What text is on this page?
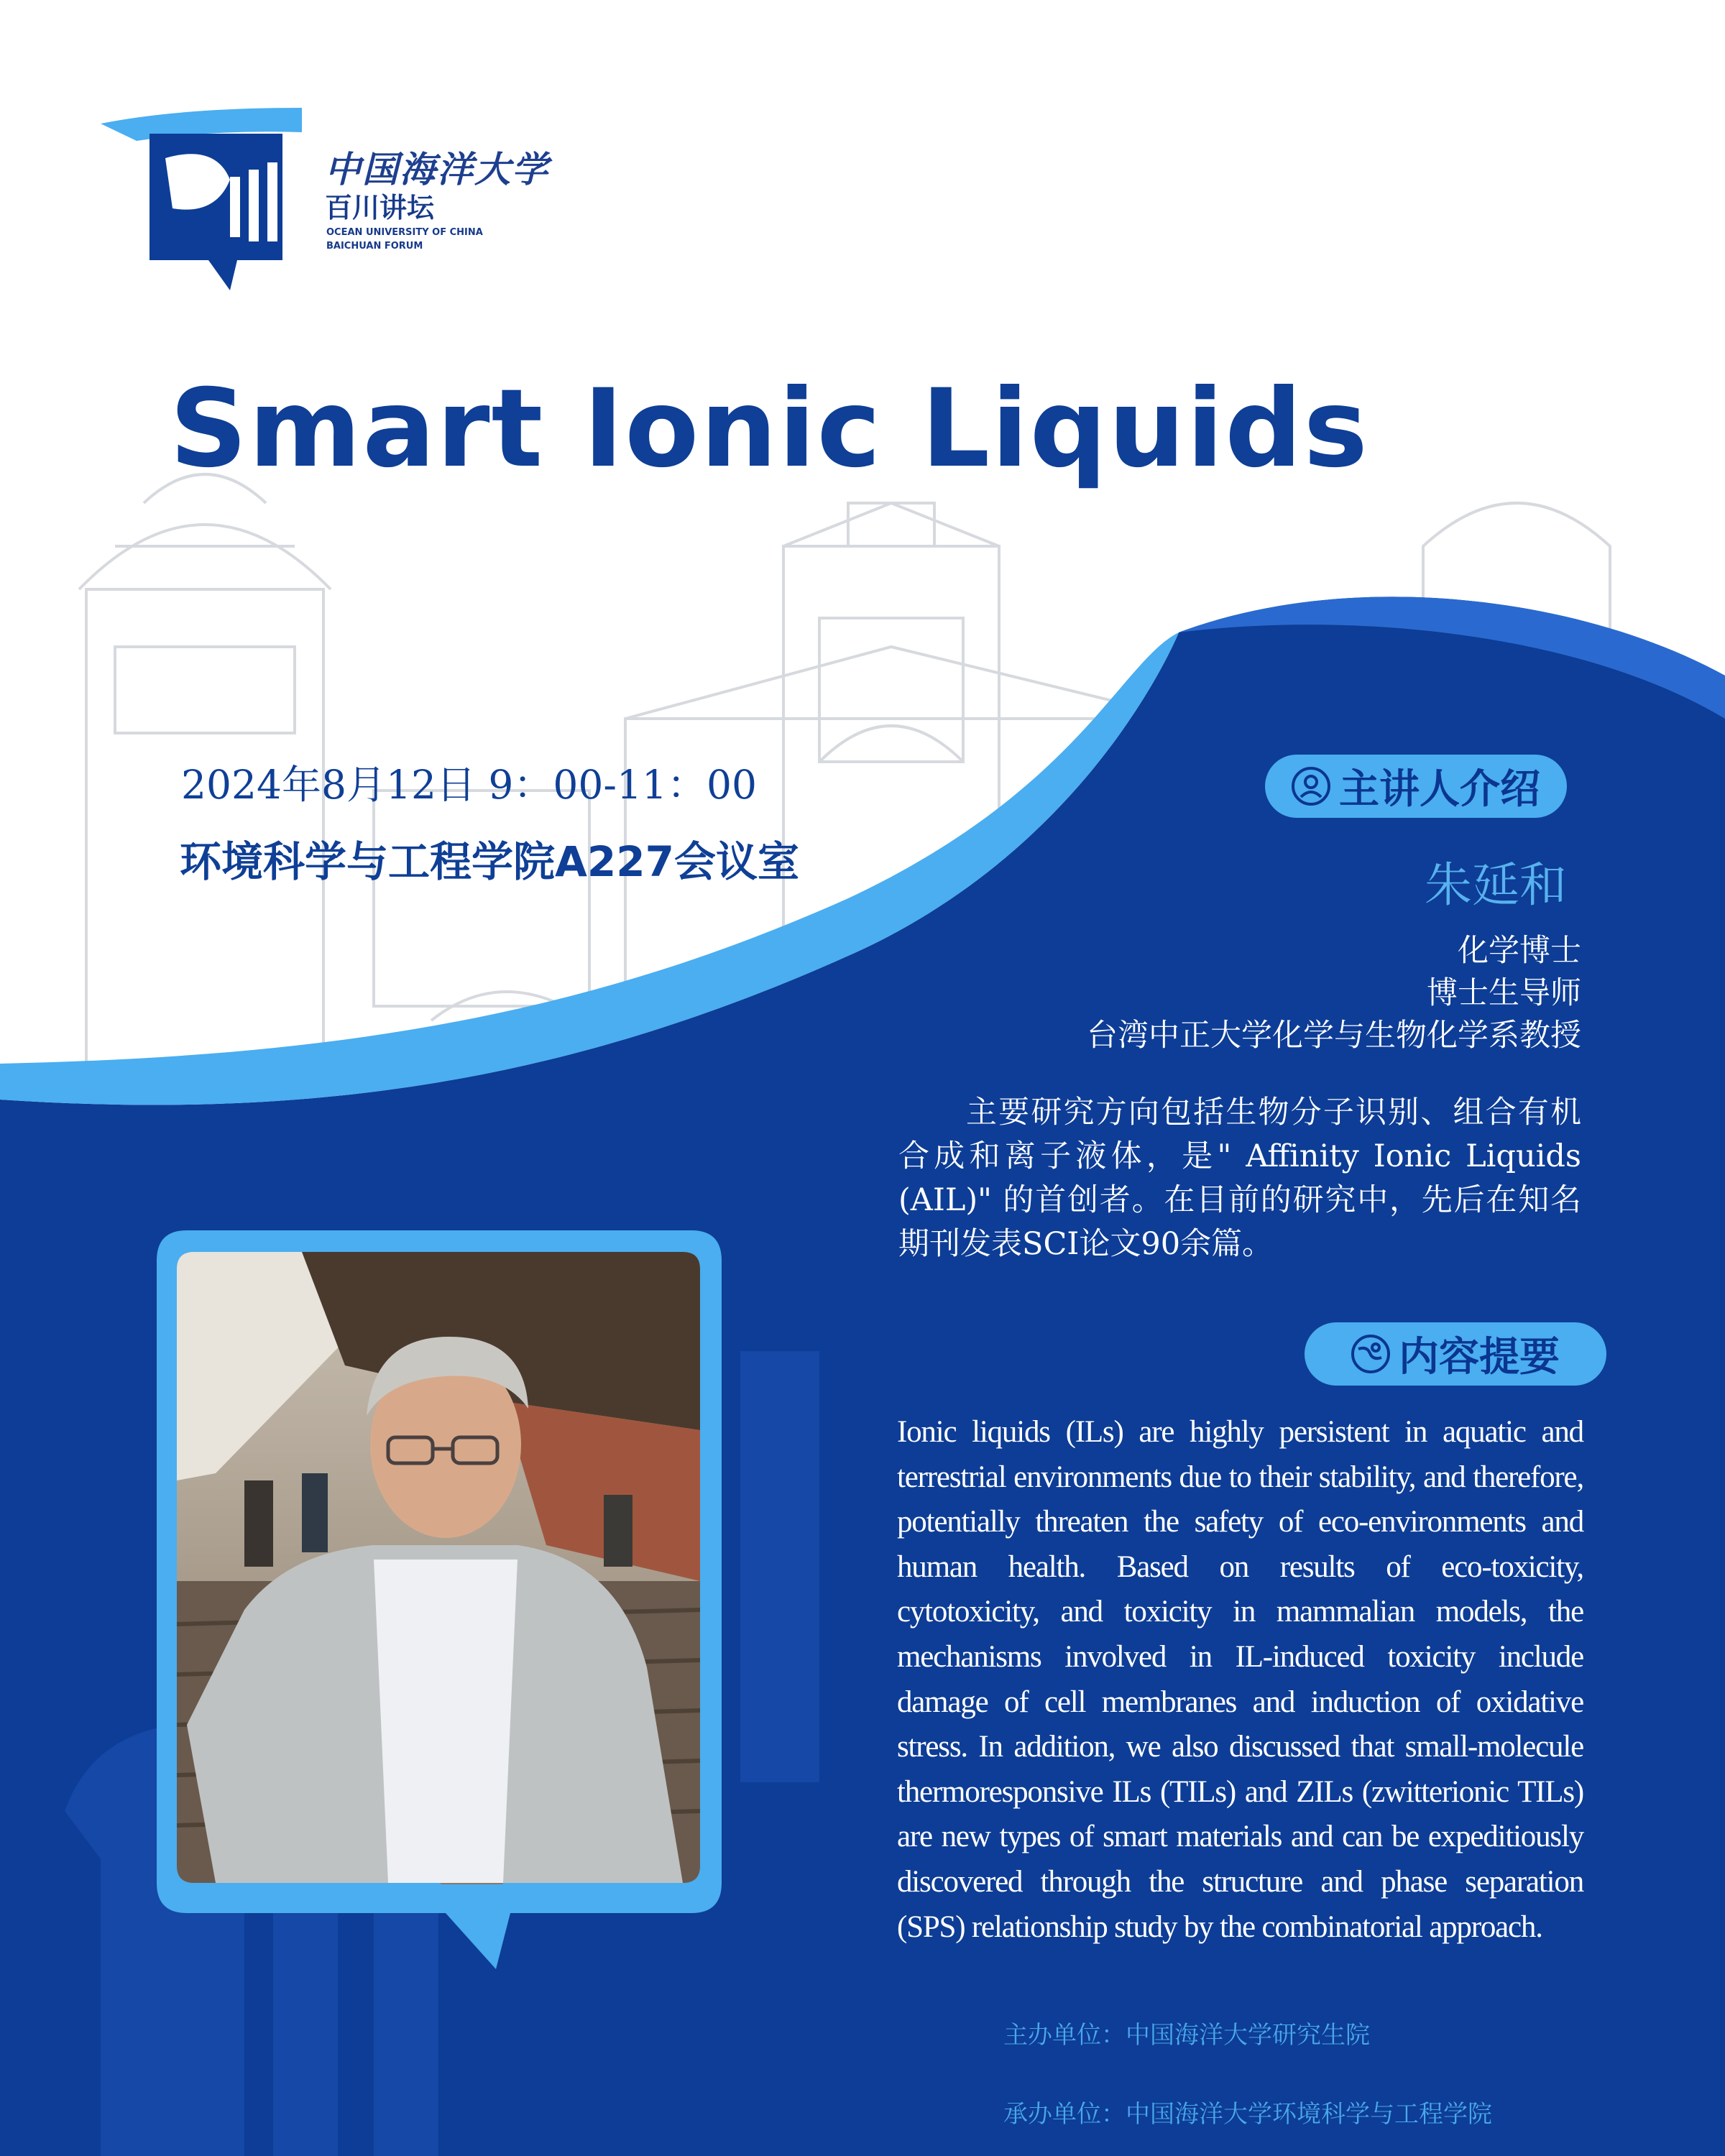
中国海洋大学
百川讲坛
OCEAN UNIVERSITY OF CHINA
BAICHUAN FORUM
Smart Ionic Liquids
2024年8月12日 9：00-11：00
环境科学与工程学院A227会议室
主讲人介绍
朱延和
化学博士
博士生导师
台湾中正大学化学与生物化学系教授
主要研究方向包括生物分子识别、组合有机合成和离子液体，是" Affinity Ionic Liquids (AIL)" 的首创者。在目前的研究中，先后在知名期刊发表SCI论文90余篇。
内容提要
Ionic liquids (ILs) are highly persistent in aquatic and terrestrial environments due to their stability, and therefore, potentially threaten the safety of eco-environments and human health. Based on results of eco-toxicity, cytotoxicity, and toxicity in mammalian models, the mechanisms involved in IL-induced toxicity include damage of cell membranes and induction of oxidative stress. In addition, we also discussed that small-molecule thermoresponsive ILs (TILs) and ZILs (zwitterionic TILs) are new types of smart materials and can be expeditiously discovered through the structure and phase separation (SPS) relationship study by the combinatorial approach.
主办单位：中国海洋大学研究生院
承办单位：中国海洋大学环境科学与工程学院
